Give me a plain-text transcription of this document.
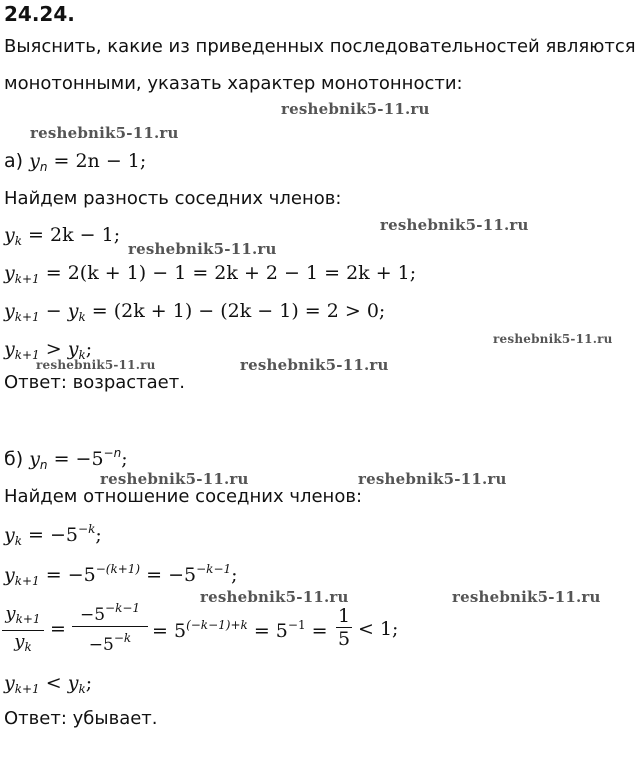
24.24.
Выяснить, какие из приведенных последовательностей являются
монотонными, указать характер монотонности:
reshebnik5-11.ru
reshebnik5-11.ru
reshebnik5-11.ru
reshebnik5-11.ru
reshebnik5-11.ru
reshebnik5-11.ru	reshebnik5-11.ru
reshebnik5-11.ru	reshebnik5-11.ru
reshebnik5-11.ru	reshebnik5-11.ru
а) $y_n = 2n - 1$;
Найдем разность соседних членов:
$y_k = 2k - 1$;
$y_{k+1} = 2(k + 1) - 1 = 2k + 2 - 1 = 2k + 1$;
$y_{k+1} - y_k = (2k + 1) - (2k - 1) = 2 > 0$;
$y_{k+1} > y_k$;
Ответ: возрастает.
б) $y_n = -5^{-n}$;
Найдем отношение соседних членов:
$y_k = -5^{-k}$;
$y_{k+1} = -5^{-(k+1)} = -5^{-k-1}$;
$y_{k+1}$
$y_k$
=
$-5^{-k-1}$
$-5^{-k}$	= $5^{(-k-1)+k} = 5^{-1}$ =
1
5 < 1;
$y_{k+1} < y_k$;
Ответ: убывает.
